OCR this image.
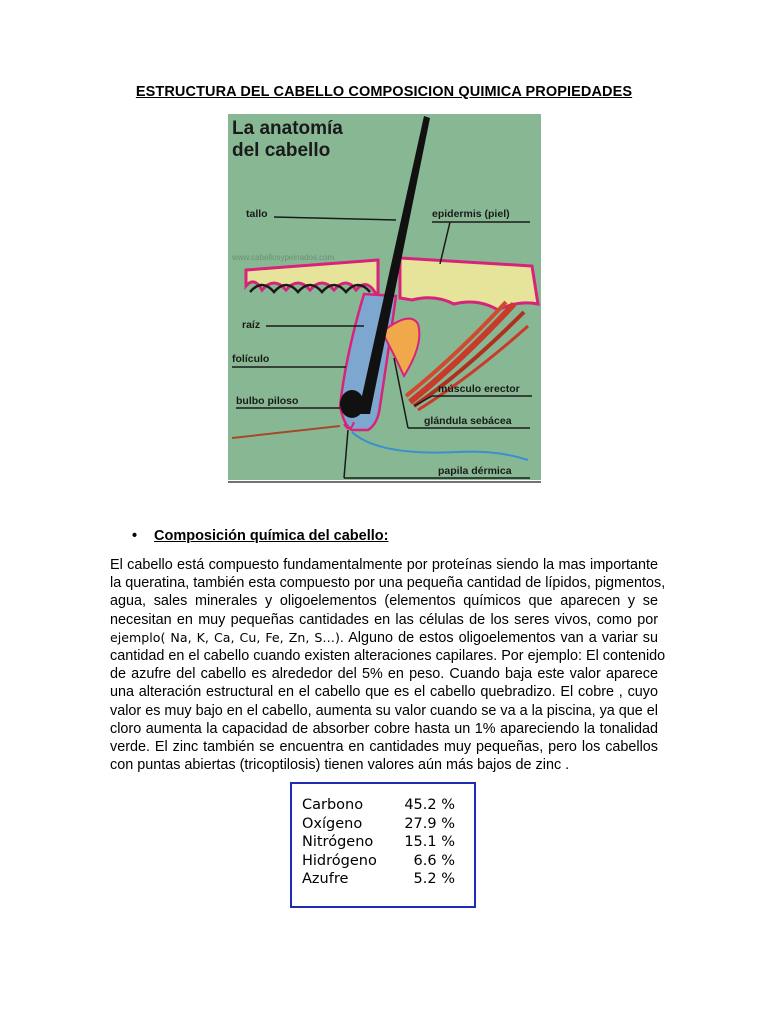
ESTRUCTURA DEL CABELLO COMPOSICION QUIMICA PROPIEDADES
La anatomía
del cabello
www.cabellosypeinados.com
tallo	epidermis (piel)
raíz
folículo
bulbo piloso
músculo erector
glándula sebácea
papila dérmica
• Composición química del cabello:
El cabello está compuesto fundamentalmente por proteínas siendo la mas importante
la queratina, también esta compuesto por una pequeña cantidad de lípidos, pigmentos,
agua, sales minerales y oligoelementos (elementos químicos que aparecen y se
necesitan en muy pequeñas cantidades en las células de los seres vivos, como por
ejemplo( Na, K, Ca, Cu, Fe, Zn, S…). Alguno de estos oligoelementos van a variar su
cantidad en el cabello cuando existen alteraciones capilares. Por ejemplo: El contenido
de azufre del cabello es alrededor del 5% en peso. Cuando baja este valor aparece
una alteración estructural en el cabello que es el cabello quebradizo. El cobre , cuyo
valor es muy bajo en el cabello, aumenta su valor cuando se va a la piscina, ya que el
cloro aumenta la capacidad de absorber cobre hasta un 1% apareciendo la tonalidad
verde. El zinc también se encuentra en cantidades muy pequeñas, pero los cabellos
con puntas abiertas (tricoptilosis) tienen valores aún más bajos de zinc .
Carbono	45.2 %
Oxígeno	27.9 %
Nitrógeno	15.1 %
Hidrógeno	6.6 %
Azufre	5.2 %
